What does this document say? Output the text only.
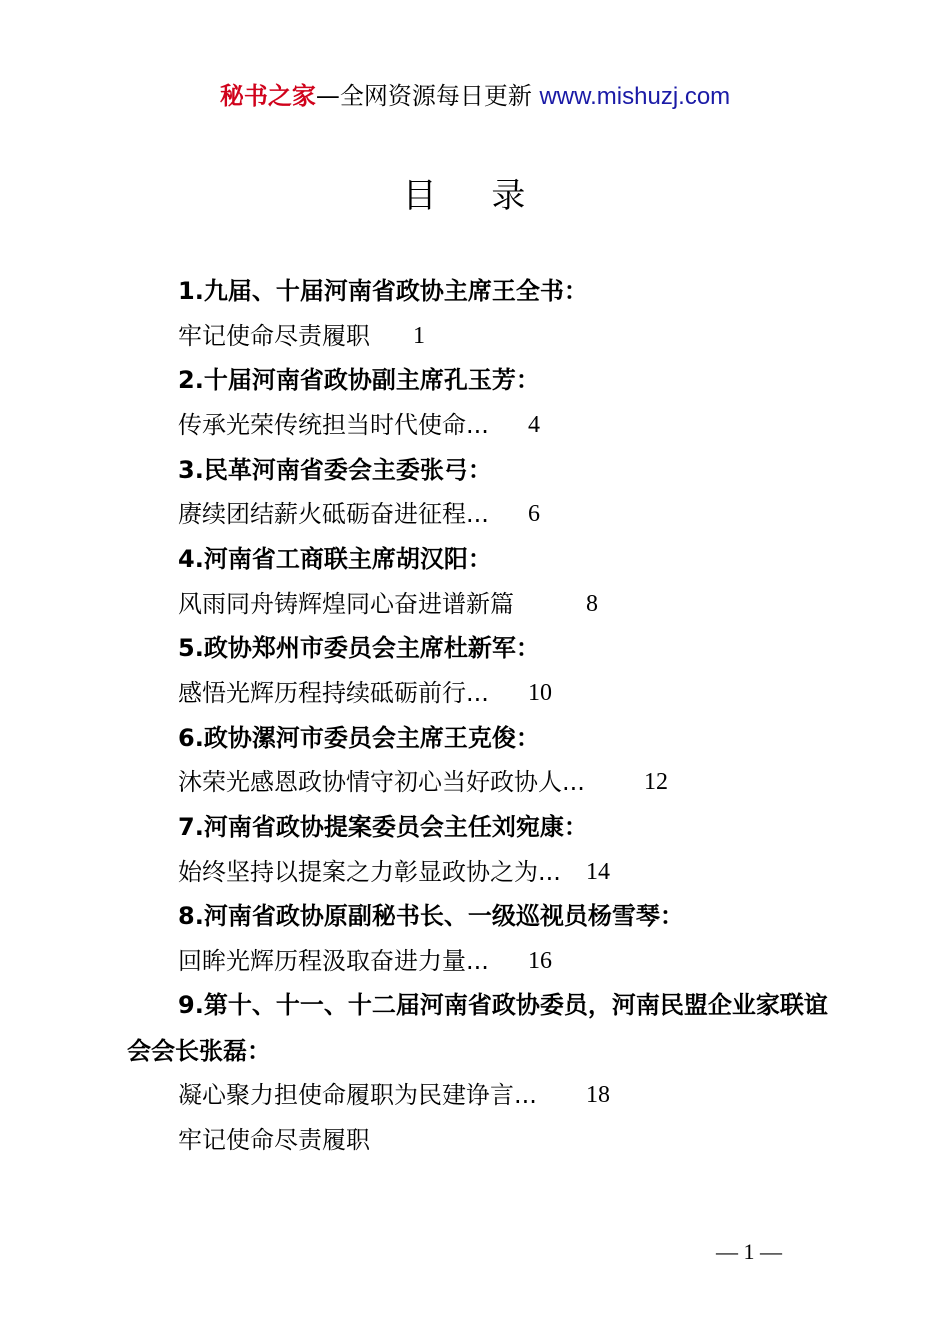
秘书之家—全网资源每日更新 www.mishuzj.com
目 录
1.九届、十届河南省政协主席王全书：
牢记使命尽责履职 1
2.十届河南省政协副主席孔玉芳：
传承光荣传统担当时代使命... 4
3.民革河南省委会主委张弓：
赓续团结薪火砥砺奋进征程... 6
4.河南省工商联主席胡汉阳：
风雨同舟铸辉煌同心奋进谱新篇	8
5.政协郑州市委员会主席杜新军：
感悟光辉历程持续砥砺前行... 10
6.政协漯河市委员会主席王克俊：
沐荣光感恩政协情守初心当好政协人... 12
7.河南省政协提案委员会主任刘宛康：
始终坚持以提案之力彰显政协之为... 14
8.河南省政协原副秘书长、一级巡视员杨雪琴：
回眸光辉历程汲取奋进力量... 16
9.第十、十一、十二届河南省政协委员，河南民盟企业家联谊会会长张磊：
凝心聚力担使命履职为民建诤言... 18
牢记使命尽责履职
— 1 —
